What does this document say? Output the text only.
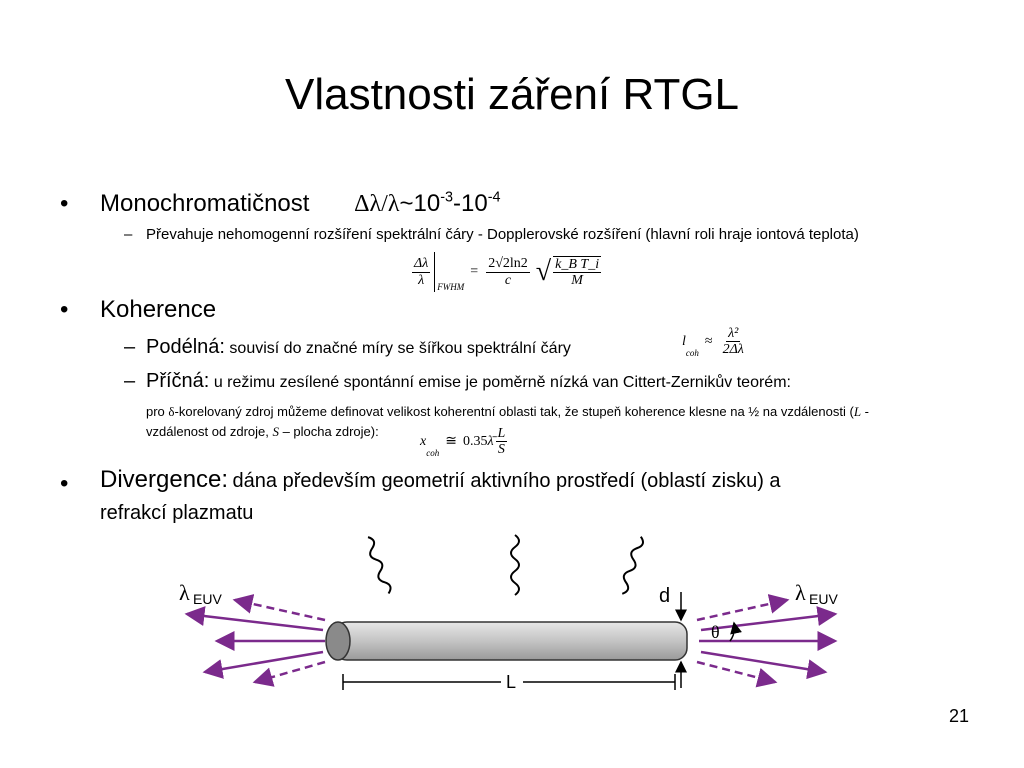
Vlastnosti záření RTGL
• Monochromatičnost $\Delta\lambda/\lambda\sim 10^{-3}-10^{-4}$
– Převahuje nehomogenní rozšíření spektrální čáry - Dopplerovské rozšíření (hlavní roli hraje iontová teplota)
$\frac{\Delta\lambda}{\lambda}$ FWHM
= $\frac{2√2\ln 2}{c}$ √ $\frac{\text{k\_B T\_i}}{M}$
• Koherence
– Podélná: souvisí do značné míry se šířkou spektrální čáry	l
coh
≈ $\frac{\text{λ²}}{2\Delta\lambda}$
– Příčná: u režimu zesílené spontánní emise je poměrně nízká van Cittert-Zernikův teorém:
pro δ-korelovaný zdroj můžeme definovat velikost koherentní oblasti tak, že stupeň koherence klesne na ½ na vzdálenosti (L -
vzdálenost od zdroje, S – plocha zdroje):
x
coh
≅ 0.35 λ̄ $\frac{L}{S}$
• Divergence: dána především geometrií aktivního prostředí (oblastí zisku) a
refrakcí plazmatu
d
θ
L
λ EUV	λ EUV
21
